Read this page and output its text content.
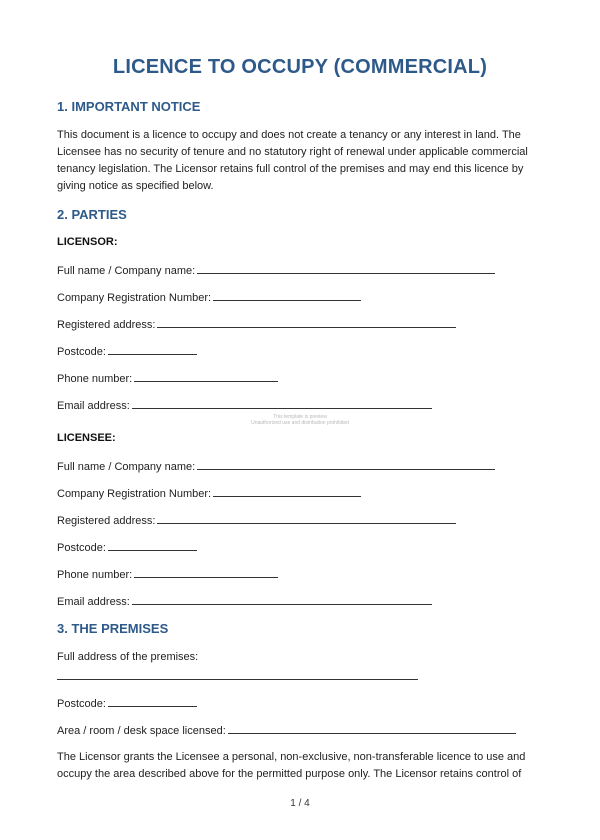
LICENCE TO OCCUPY (COMMERCIAL)
1. IMPORTANT NOTICE
This document is a licence to occupy and does not create a tenancy or any interest in land. The
Licensee has no security of tenure and no statutory right of renewal under applicable commercial
tenancy legislation. The Licensor retains full control of the premises and may end this licence by
giving notice as specified below.
2. PARTIES
LICENSOR:
Full name / Company name:
Company Registration Number:
Registered address:
Postcode:
Phone number:
Email address:
This template is preview
Unauthorized use and distribution prohibited
LICENSEE:
Full name / Company name:
Company Registration Number:
Registered address:
Postcode:
Phone number:
Email address:
3. THE PREMISES
Full address of the premises:
Postcode:
Area / room / desk space licensed:
The Licensor grants the Licensee a personal, non-exclusive, non-transferable licence to use and
occupy the area described above for the permitted purpose only. The Licensor retains control of
1 / 4
